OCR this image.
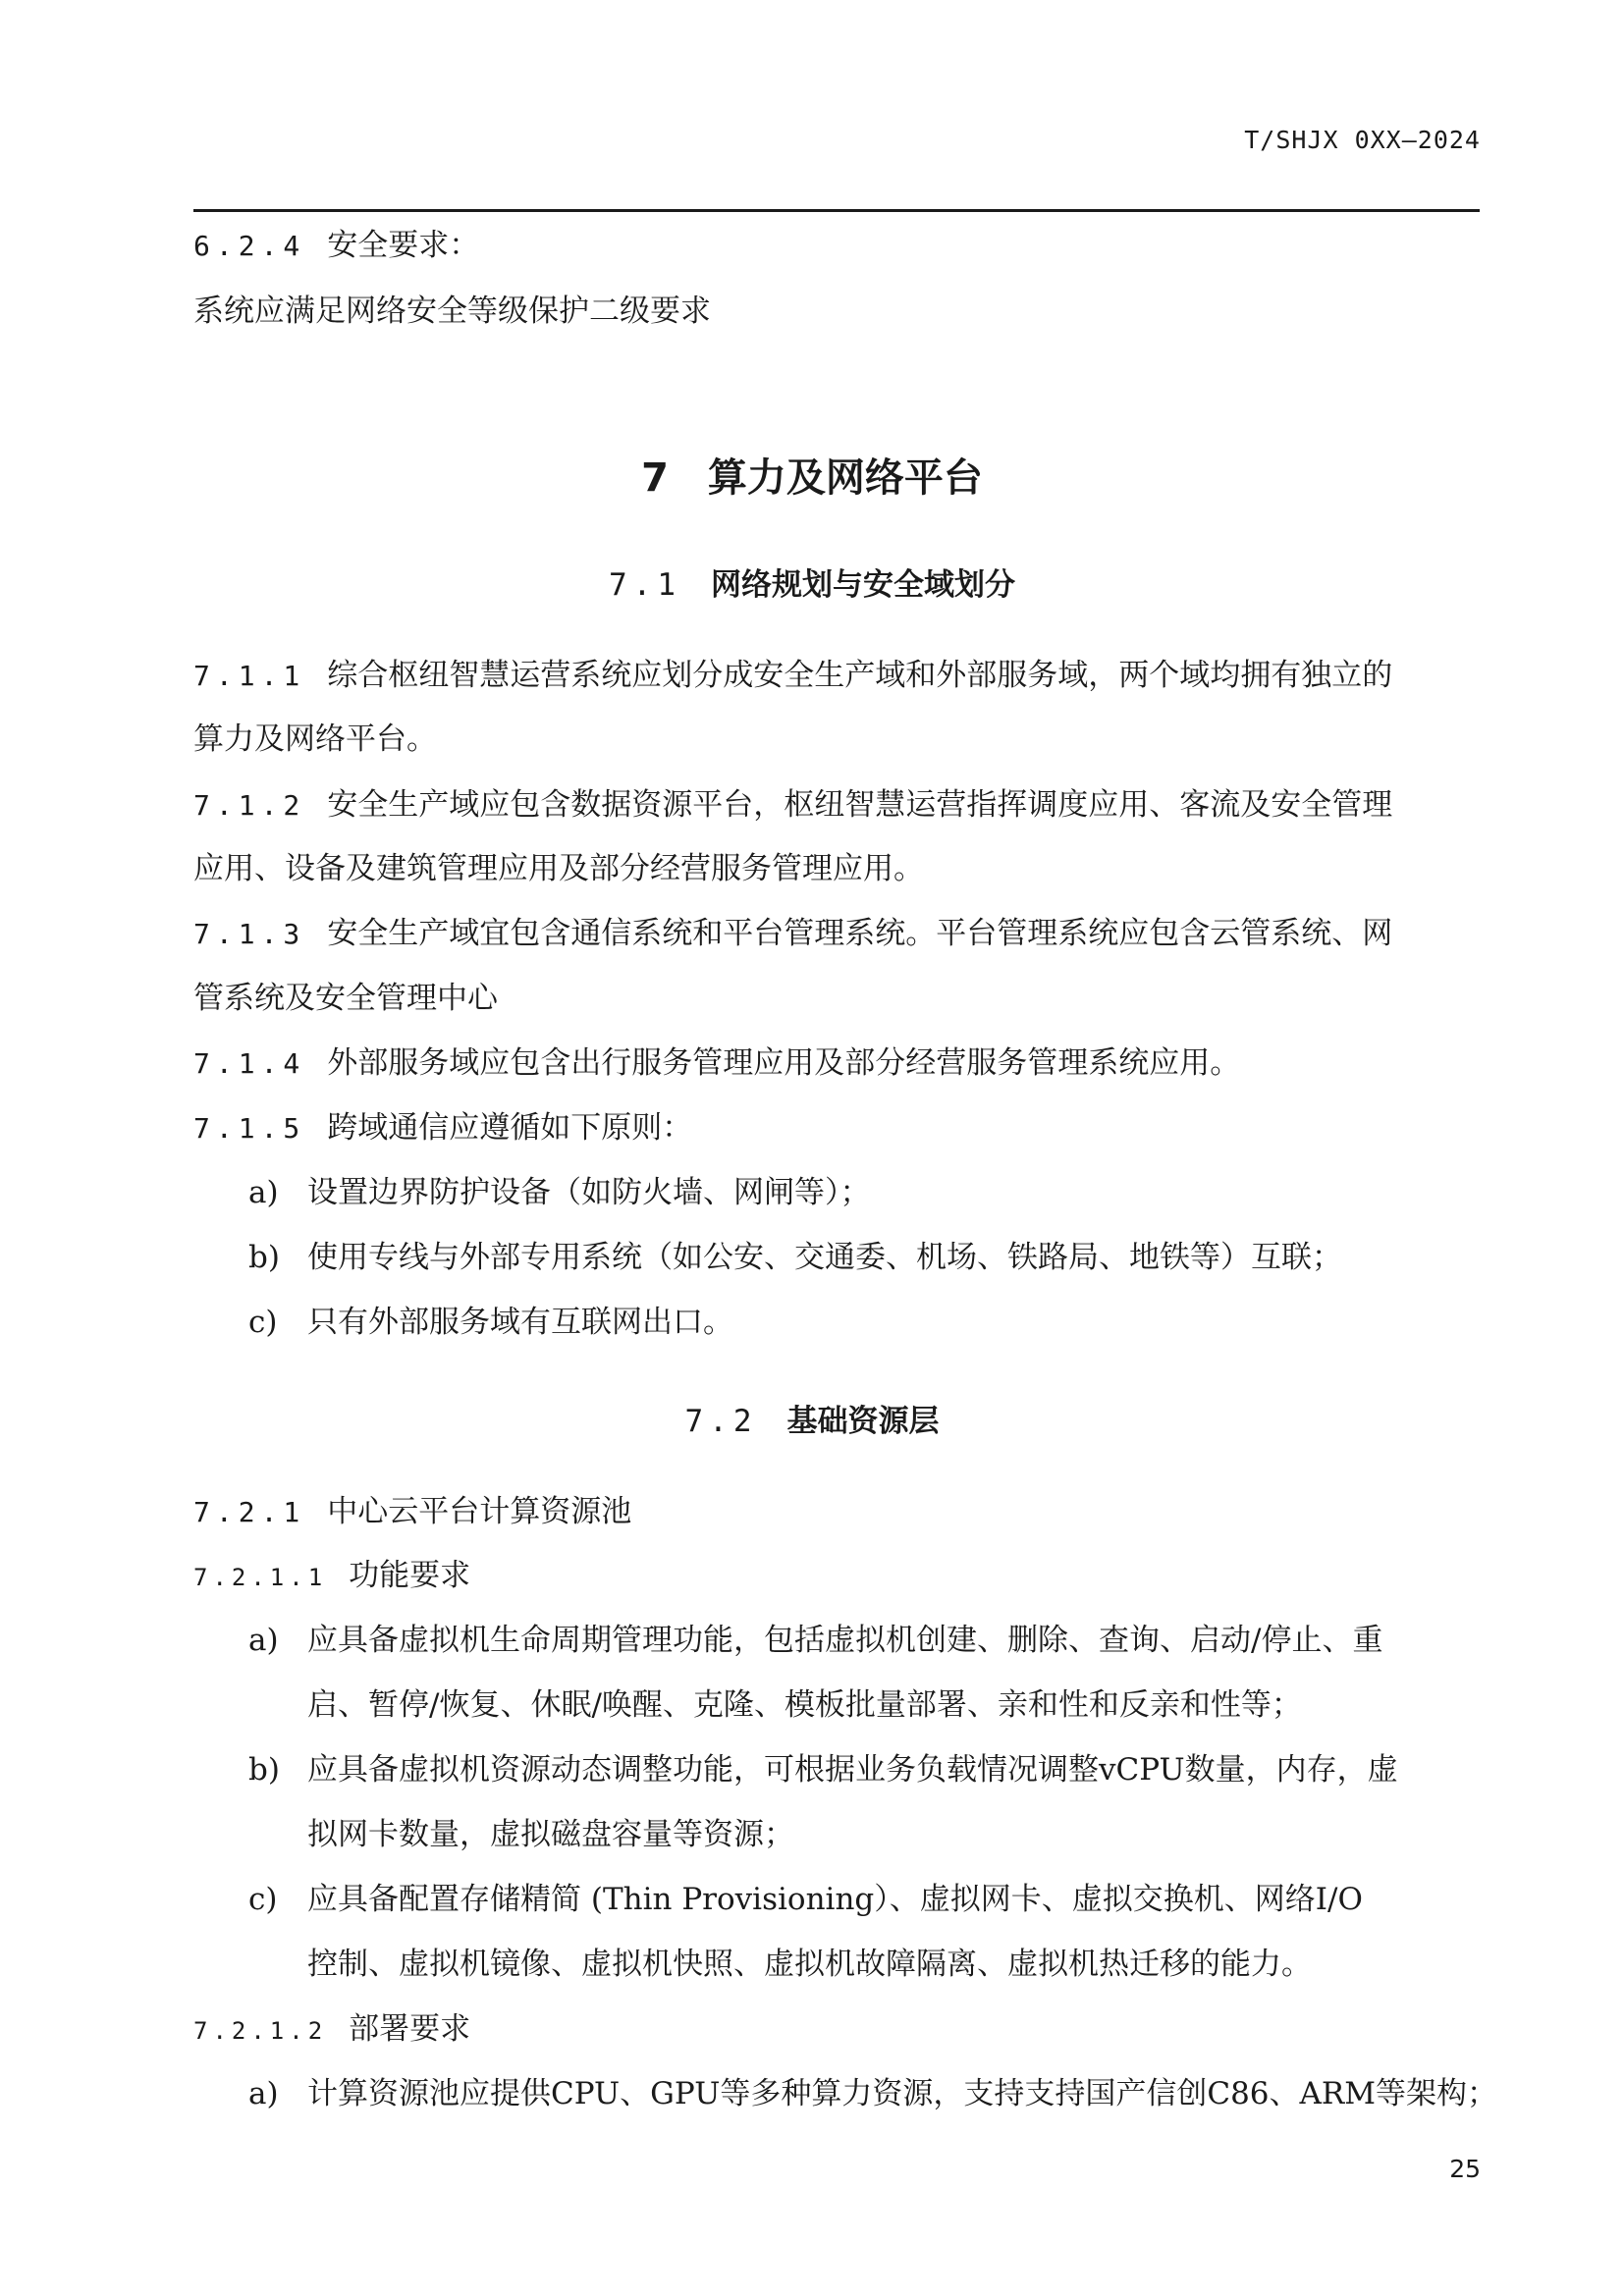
T/SHJX 0XX—2024
6.2.4 安全要求：
系统应满足网络安全等级保护二级要求
7 算力及网络平台
7.1 网络规划与安全域划分
7.1.1 综合枢纽智慧运营系统应划分成安全生产域和外部服务域，两个域均拥有独立的
算力及网络平台。
7.1.2 安全生产域应包含数据资源平台，枢纽智慧运营指挥调度应用、客流及安全管理
应用、设备及建筑管理应用及部分经营服务管理应用。
7.1.3 安全生产域宜包含通信系统和平台管理系统。平台管理系统应包含云管系统、网
管系统及安全管理中心
7.1.4 外部服务域应包含出行服务管理应用及部分经营服务管理系统应用。
7.1.5 跨域通信应遵循如下原则：
a) 设置边界防护设备（如防火墙、网闸等）；
b) 使用专线与外部专用系统（如公安、交通委、机场、铁路局、地铁等）互联；
c) 只有外部服务域有互联网出口。
7.2 基础资源层
7.2.1 中心云平台计算资源池
7.2.1.1 功能要求
a) 应具备虚拟机生命周期管理功能，包括虚拟机创建、删除、查询、启动/停止、重
启、暂停/恢复、休眠/唤醒、克隆、模板批量部署、亲和性和反亲和性等；
b) 应具备虚拟机资源动态调整功能，可根据业务负载情况调整vCPU数量，内存，虚
拟网卡数量，虚拟磁盘容量等资源；
c) 应具备配置存储精简 (Thin Provisioning）、虚拟网卡、虚拟交换机、网络I/O
控制、虚拟机镜像、虚拟机快照、虚拟机故障隔离、虚拟机热迁移的能力。
7.2.1.2 部署要求
a) 计算资源池应提供CPU、GPU等多种算力资源，支持支持国产信创C86、ARM等架构；
25
